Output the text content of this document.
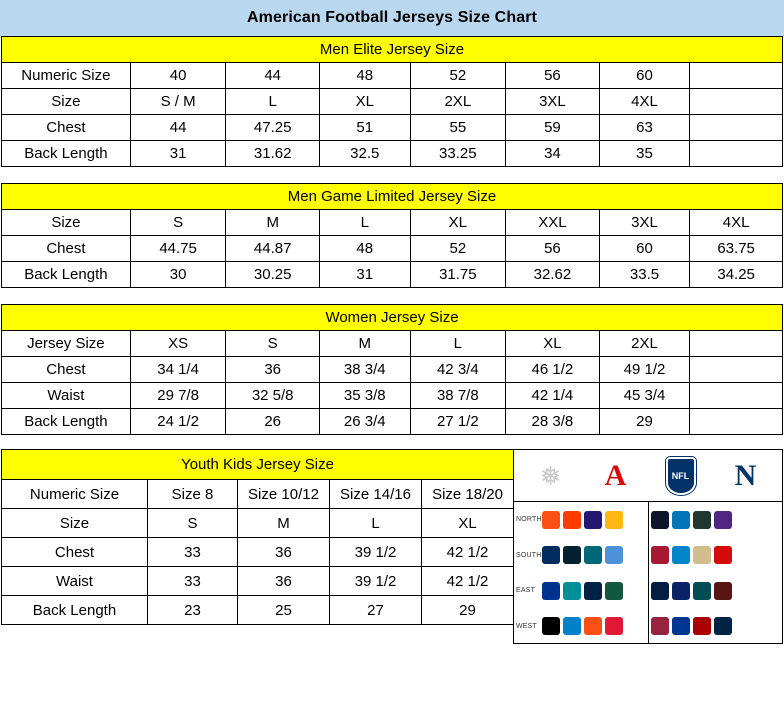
American Football Jerseys Size Chart
Men Elite Jersey Size							
Numeric Size	40	44	48	52	56	60	
Size	S / M	L	XL	2XL	3XL	4XL	
Chest	44	47.25	51	55	59	63	
Back Length	31	31.62	32.5	33.25	34	35	
Men Game Limited Jersey Size							
Size	S	M	L	XL	XXL	3XL	4XL
Chest	44.75	44.87	48	52	56	60	63.75
Back Length	30	30.25	31	31.75	32.62	33.5	34.25
Women Jersey Size							
Jersey Size	XS	S	M	L	XL	2XL	
Chest	34 1/4	36	38 3/4	42 3/4	46 1/2	49 1/2	
Waist	29 7/8	32 5/8	35 3/8	38 7/8	42 1/4	45 3/4	
Back Length	24 1/2	26	26 3/4	27 1/2	28 3/8	29	
Youth Kids Jersey Size				
Numeric Size	Size 8	Size 10/12	Size 14/16	Size 18/20
Size	S	M	L	XL
Chest	33	36	39 1/2	42 1/2
Waist	33	36	39 1/2	42 1/2
Back Length	23	25	27	29
❅ A	NFL N
NORTH
SOUTH
EAST
WEST
